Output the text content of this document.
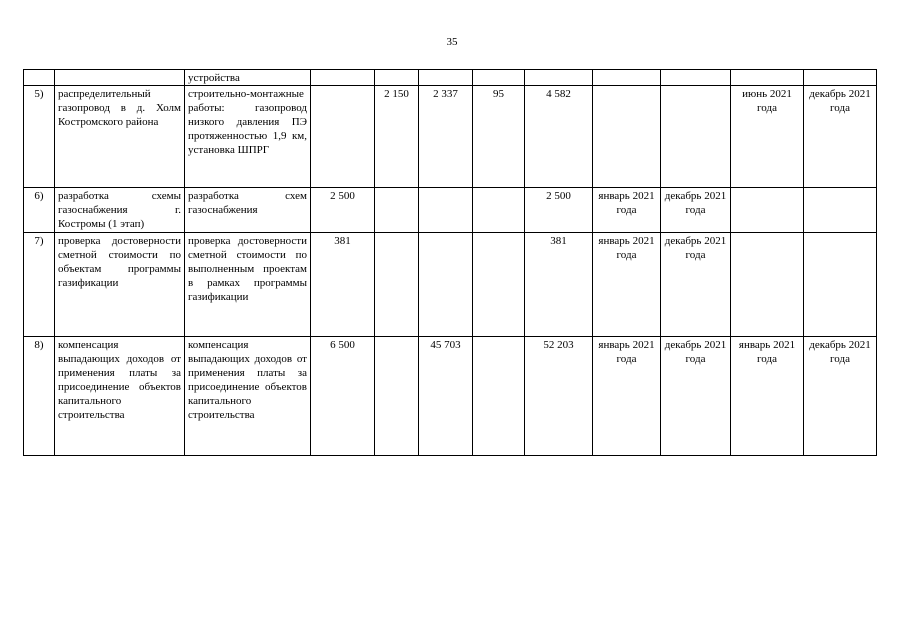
35
		устройства									
5)	распределительный газопровод в д. Холм Костромского района	строительно-монтажные работы: газопровод низкого давления ПЭ протяженностью 1,9 км, установка ШПРГ		2 150	2 337	95	4 582			июнь 2021 года	декабрь 2021 года
6)	разработка схемы газоснабжения г. Костромы (1 этап)	разработка схем газоснабжения	2 500				2 500	январь 2021 года	декабрь 2021 года		
7)	проверка достоверности сметной стоимости по объектам программы газификации	проверка достоверности сметной стоимости по выполненным проектам в рамках программы газификации	381				381	январь 2021 года	декабрь 2021 года		
8)	компенсация выпадающих доходов от применения платы за присоединение объектов капитального строительства	компенсация выпадающих доходов от применения платы за присоединение объектов капитального строительства	6 500		45 703		52 203	январь 2021 года	декабрь 2021 года	январь 2021 года	декабрь 2021 года
